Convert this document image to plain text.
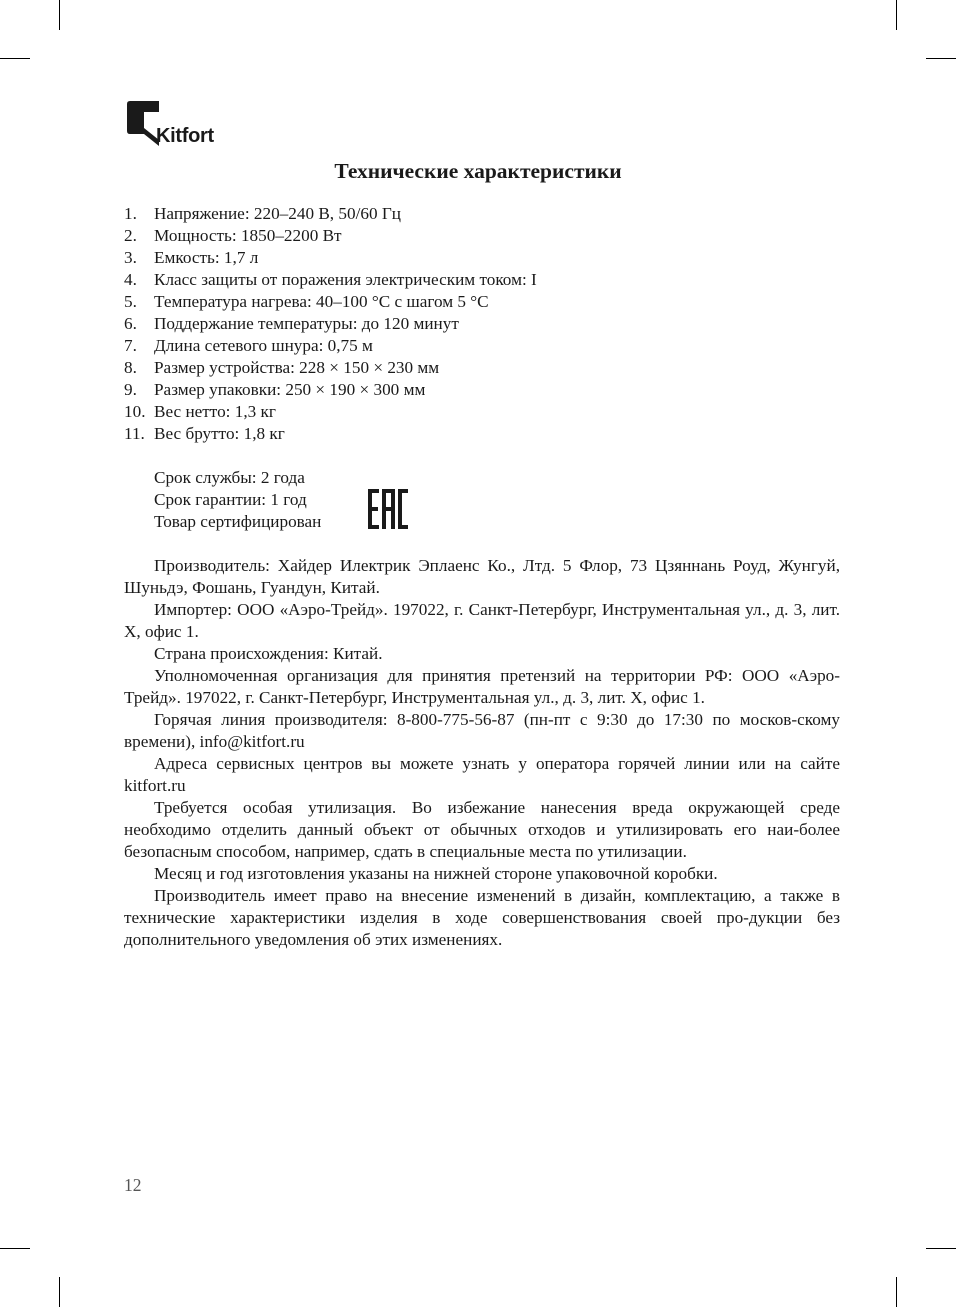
Kitfort
Технические характеристики
1. Напряжение: 220–240 В, 50/60 Гц
2. Мощность: 1850–2200 Вт
3. Емкость: 1,7 л
4. Класс защиты от поражения электрическим током: I
5. Температура нагрева: 40–100 °С с шагом 5 °С
6. Поддержание температуры: до 120 минут
7. Длина сетевого шнура: 0,75 м
8. Размер устройства: 228 × 150 × 230 мм
9. Размер упаковки: 250 × 190 × 300 мм
10. Вес нетто: 1,3 кг
11. Вес брутто: 1,8 кг
Срок службы: 2 года
Срок гарантии: 1 год
Товар сертифицирован

Производитель: Хайдер Илектрик Эплаенс Ко., Лтд. 5 Флор, 73 Цзяннань Роуд, Жунгуй, Шуньдэ, Фошань, Гуандун, Китай.

Импортер: ООО «Аэро-Трейд». 197022, г. Санкт-Петербург, Инструментальная ул., д. 3, лит. Х, офис 1.

Страна происхождения: Китай.

Уполномоченная организация для принятия претензий на территории РФ: ООО «Аэро-Трейд». 197022, г. Санкт-Петербург, Инструментальная ул., д. 3, лит. Х, офис 1.

Горячая линия производителя: 8-800-775-56-87 (пн-пт с 9:30 до 17:30 по москов-скому времени), info@kitfort.ru

Адреса сервисных центров вы можете узнать у оператора горячей линии или на сайте kitfort.ru

Требуется особая утилизация. Во избежание нанесения вреда окружающей среде необходимо отделить данный объект от обычных отходов и утилизировать его наи-более безопасным способом, например, сдать в специальные места по утилизации.

Месяц и год изготовления указаны на нижней стороне упаковочной коробки.

Производитель имеет право на внесение изменений в дизайн, комплектацию, а также в технические характеристики изделия в ходе совершенствования своей про-дукции без дополнительного уведомления об этих изменениях.

12
